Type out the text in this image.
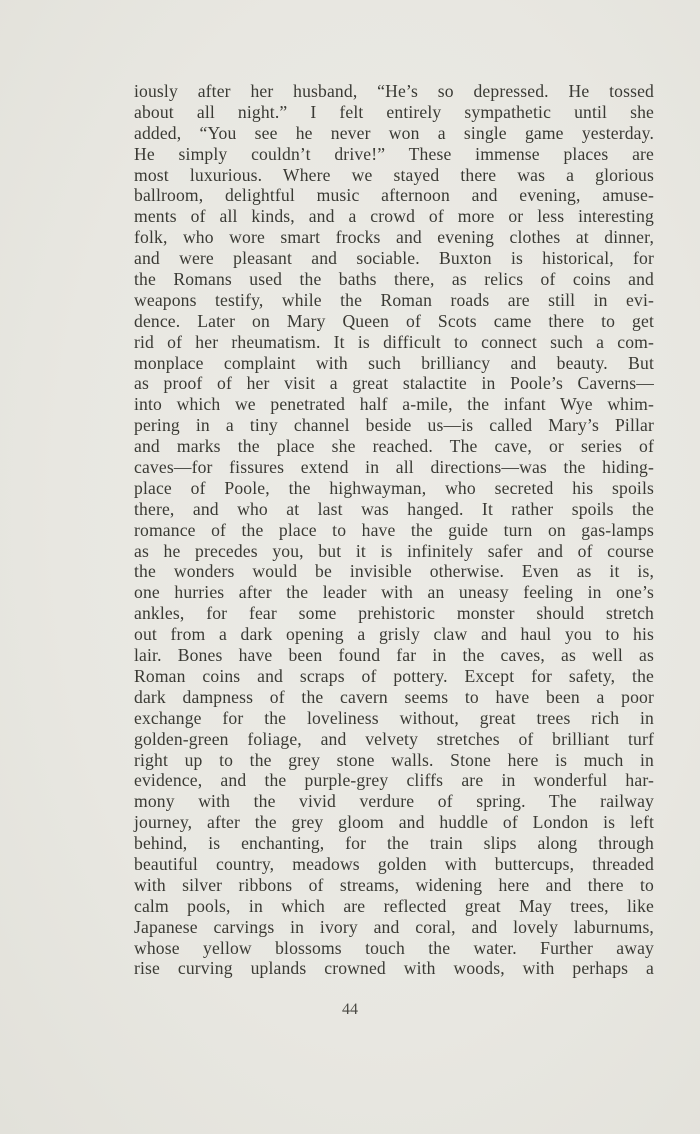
iously after her husband, “He’s so depressed. He tossed
about all night.” I felt entirely sympathetic until she
added, “You see he never won a single game yesterday.
He simply couldn’t drive!” These immense places are
most luxurious. Where we stayed there was a glorious
ballroom, delightful music afternoon and evening, amuse-
ments of all kinds, and a crowd of more or less interesting
folk, who wore smart frocks and evening clothes at dinner,
and were pleasant and sociable. Buxton is historical, for
the Romans used the baths there, as relics of coins and
weapons testify, while the Roman roads are still in evi-
dence. Later on Mary Queen of Scots came there to get
rid of her rheumatism. It is difficult to connect such a com-
monplace complaint with such brilliancy and beauty. But
as proof of her visit a great stalactite in Poole’s Caverns—
into which we penetrated half a-mile, the infant Wye whim-
pering in a tiny channel beside us—is called Mary’s Pillar
and marks the place she reached. The cave, or series of
caves—for fissures extend in all directions—was the hiding-
place of Poole, the highwayman, who secreted his spoils
there, and who at last was hanged. It rather spoils the
romance of the place to have the guide turn on gas-lamps
as he precedes you, but it is infinitely safer and of course
the wonders would be invisible otherwise. Even as it is,
one hurries after the leader with an uneasy feeling in one’s
ankles, for fear some prehistoric monster should stretch
out from a dark opening a grisly claw and haul you to his
lair. Bones have been found far in the caves, as well as
Roman coins and scraps of pottery. Except for safety, the
dark dampness of the cavern seems to have been a poor
exchange for the loveliness without, great trees rich in
golden-green foliage, and velvety stretches of brilliant turf
right up to the grey stone walls. Stone here is much in
evidence, and the purple-grey cliffs are in wonderful har-
mony with the vivid verdure of spring. The railway
journey, after the grey gloom and huddle of London is left
behind, is enchanting, for the train slips along through
beautiful country, meadows golden with buttercups, threaded
with silver ribbons of streams, widening here and there to
calm pools, in which are reflected great May trees, like
Japanese carvings in ivory and coral, and lovely laburnums,
whose yellow blossoms touch the water. Further away
rise curving uplands crowned with woods, with perhaps a
44
